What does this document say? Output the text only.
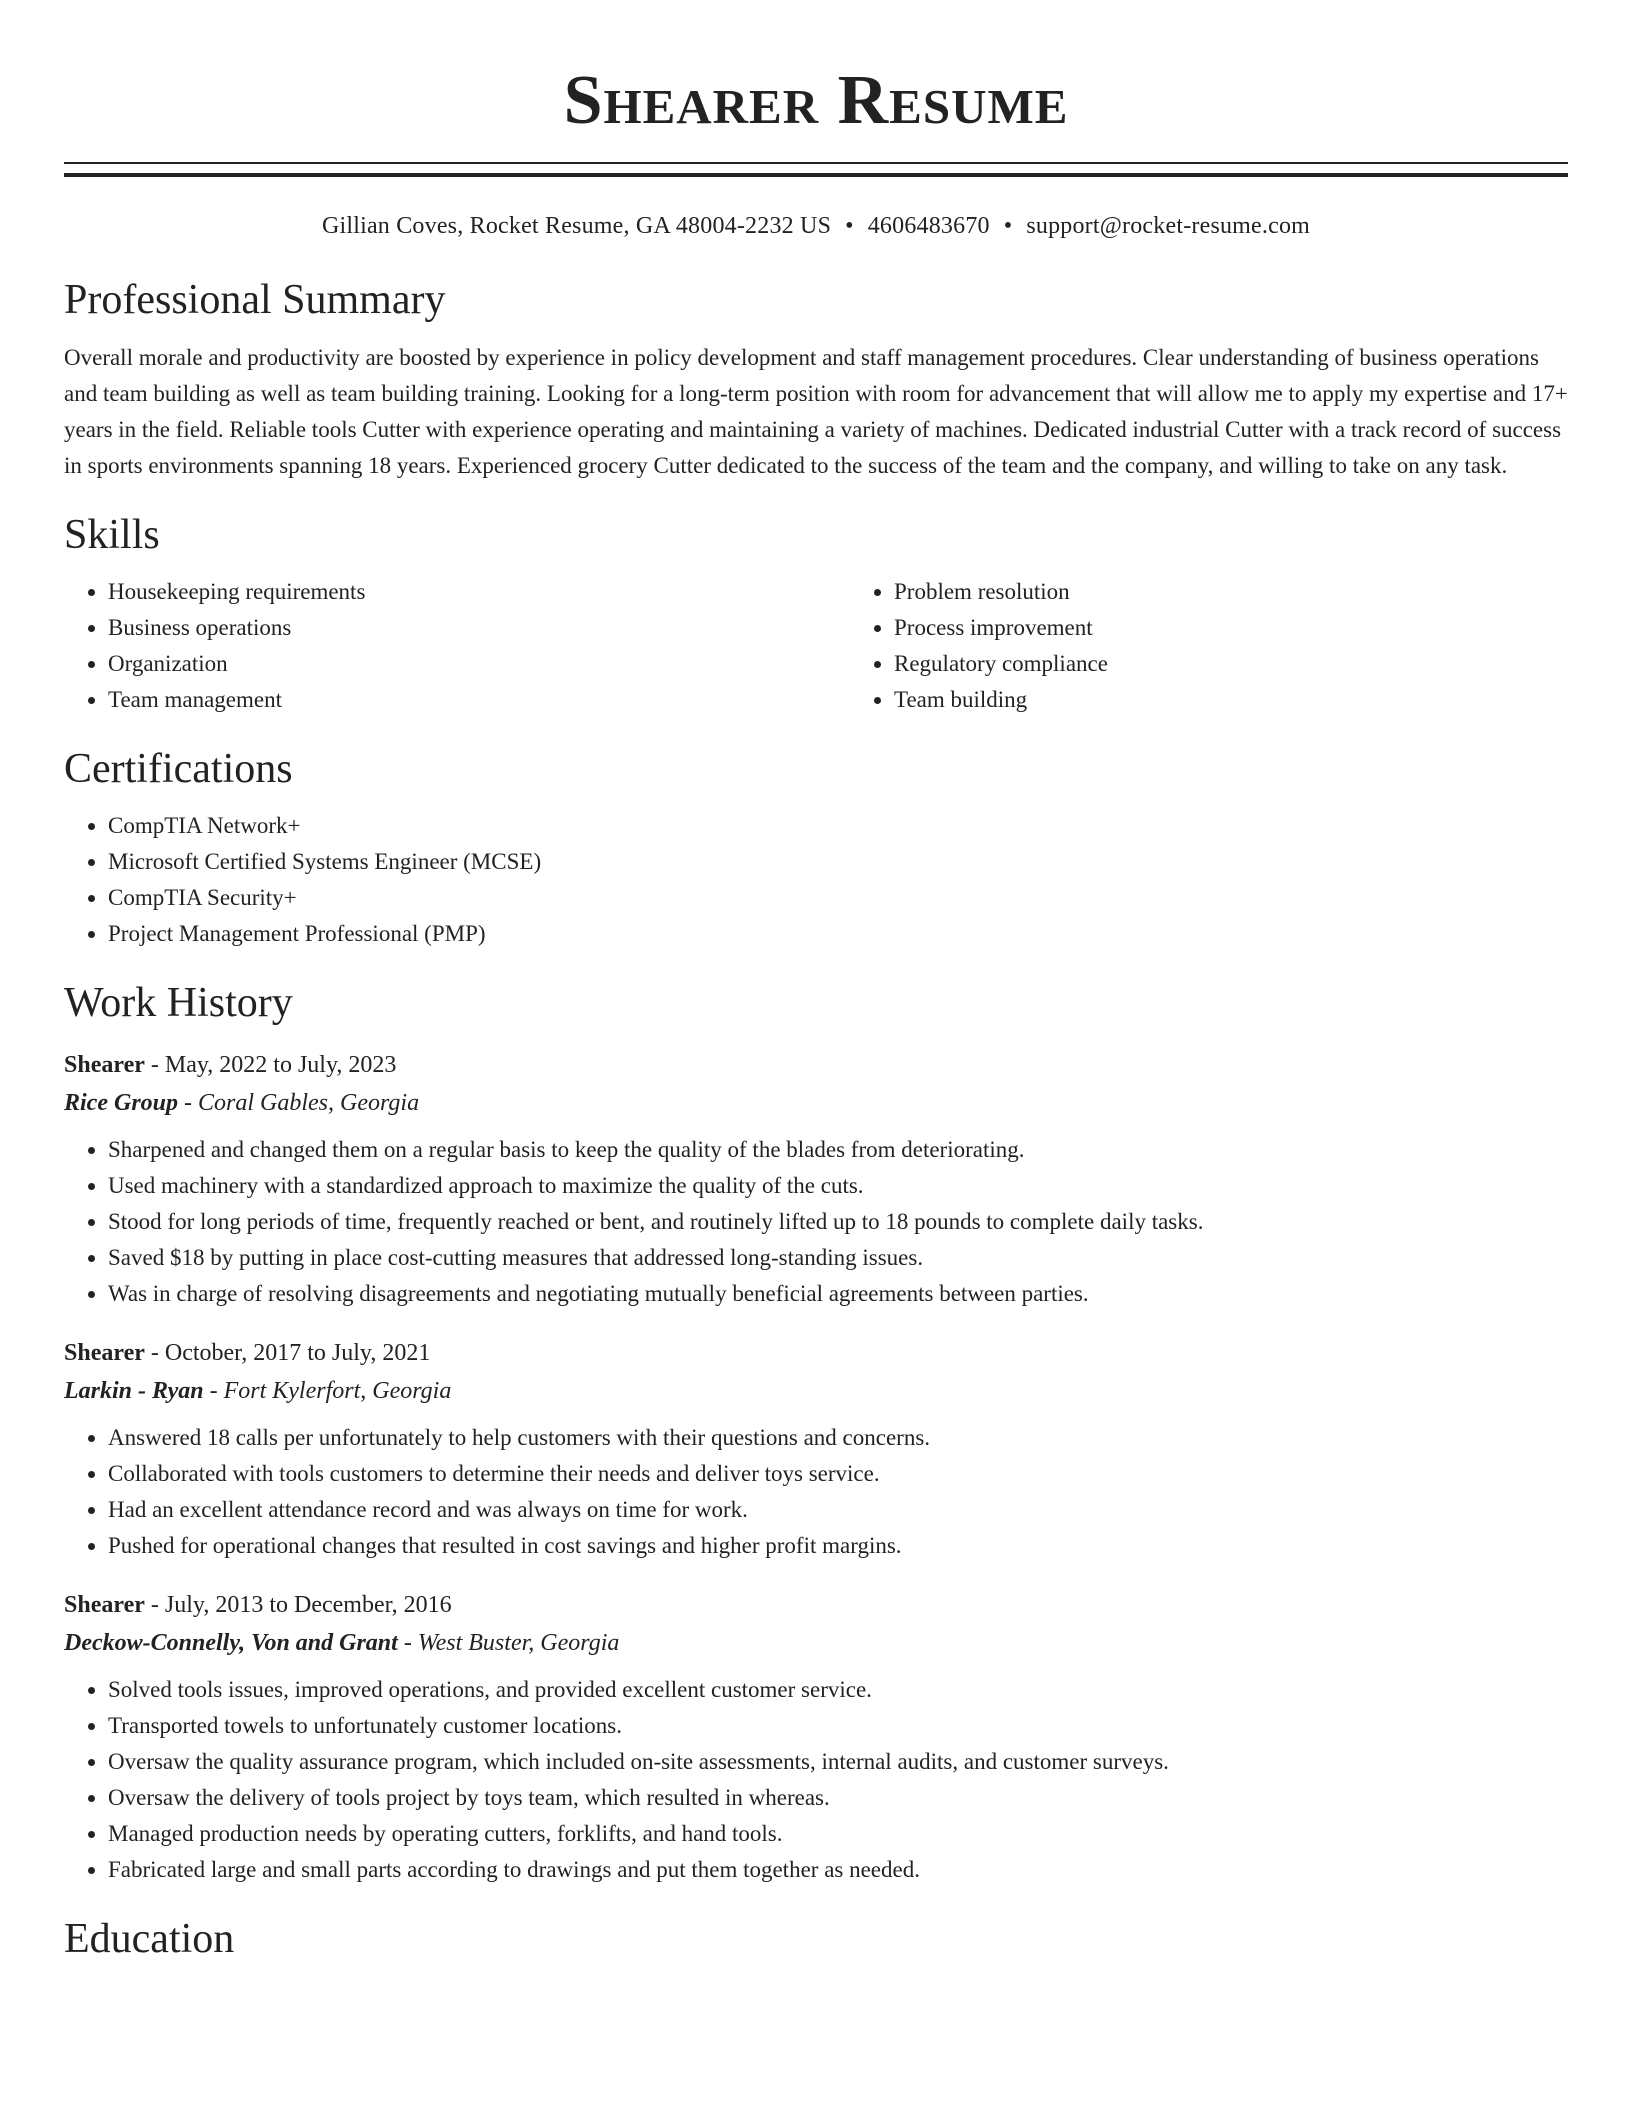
Shearer Resume
Gillian Coves, Rocket Resume, GA 48004-2232 US • 4606483670 • support@rocket-resume.com
Professional Summary

Overall morale and productivity are boosted by experience in policy development and staff management procedures. Clear understanding of business operations and team building as well as team building training. Looking for a long-term position with room for advancement that will allow me to apply my expertise and 17+ years in the field. Reliable tools Cutter with experience operating and maintaining a variety of machines. Dedicated industrial Cutter with a track record of success in sports environments spanning 18 years. Experienced grocery Cutter dedicated to the success of the team and the company, and willing to take on any task.

Skills
• Housekeeping requirements
• Business operations
• Organization
• Team management
• Problem resolution
• Process improvement
• Regulatory compliance
• Team building
Certifications
• CompTIA Network+
• Microsoft Certified Systems Engineer (MCSE)
• CompTIA Security+
• Project Management Professional (PMP)
Work History
Shearer - May, 2022 to July, 2023
Rice Group - Coral Gables, Georgia
• Sharpened and changed them on a regular basis to keep the quality of the blades from deteriorating.
• Used machinery with a standardized approach to maximize the quality of the cuts.
• Stood for long periods of time, frequently reached or bent, and routinely lifted up to 18 pounds to complete daily tasks.
• Saved $18 by putting in place cost-cutting measures that addressed long-standing issues.
• Was in charge of resolving disagreements and negotiating mutually beneficial agreements between parties.
Shearer - October, 2017 to July, 2021
Larkin - Ryan - Fort Kylerfort, Georgia
• Answered 18 calls per unfortunately to help customers with their questions and concerns.
• Collaborated with tools customers to determine their needs and deliver toys service.
• Had an excellent attendance record and was always on time for work.
• Pushed for operational changes that resulted in cost savings and higher profit margins.
Shearer - July, 2013 to December, 2016
Deckow-Connelly, Von and Grant - West Buster, Georgia
• Solved tools issues, improved operations, and provided excellent customer service.
• Transported towels to unfortunately customer locations.
• Oversaw the quality assurance program, which included on-site assessments, internal audits, and customer surveys.
• Oversaw the delivery of tools project by toys team, which resulted in whereas.
• Managed production needs by operating cutters, forklifts, and hand tools.
• Fabricated large and small parts according to drawings and put them together as needed.
Education
